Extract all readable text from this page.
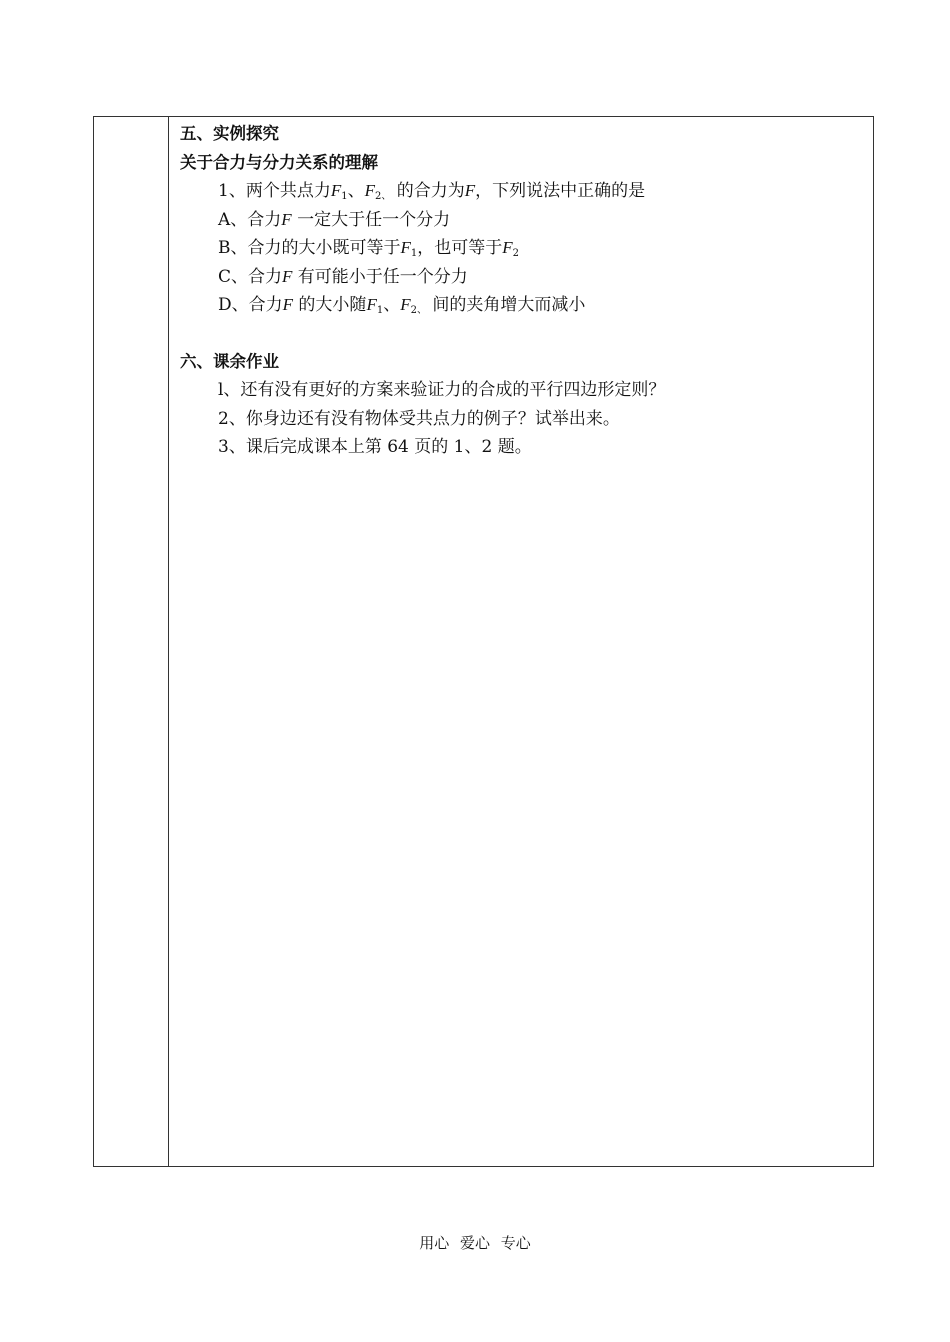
五、实例探究
关于合力与分力关系的理解
1、两个共点力$F_1$、$F_{2、}$ 的合力为F，下列说法中正确的是
A、合力F 一定大于任一个分力
B、合力的大小既可等于$F_1$，也可等于$F_2$
C、合力F 有可能小于任一个分力
D、合力F 的大小随$F_1$、$F_{2、}$ 间的夹角增大而减小
六、课余作业
l、还有没有更好的方案来验证力的合成的平行四边形定则？
2、你身边还有没有物体受共点力的例子？试举出来。
3、课后完成课本上第 64 页的 1、2 题。
用心 爱心 专心
